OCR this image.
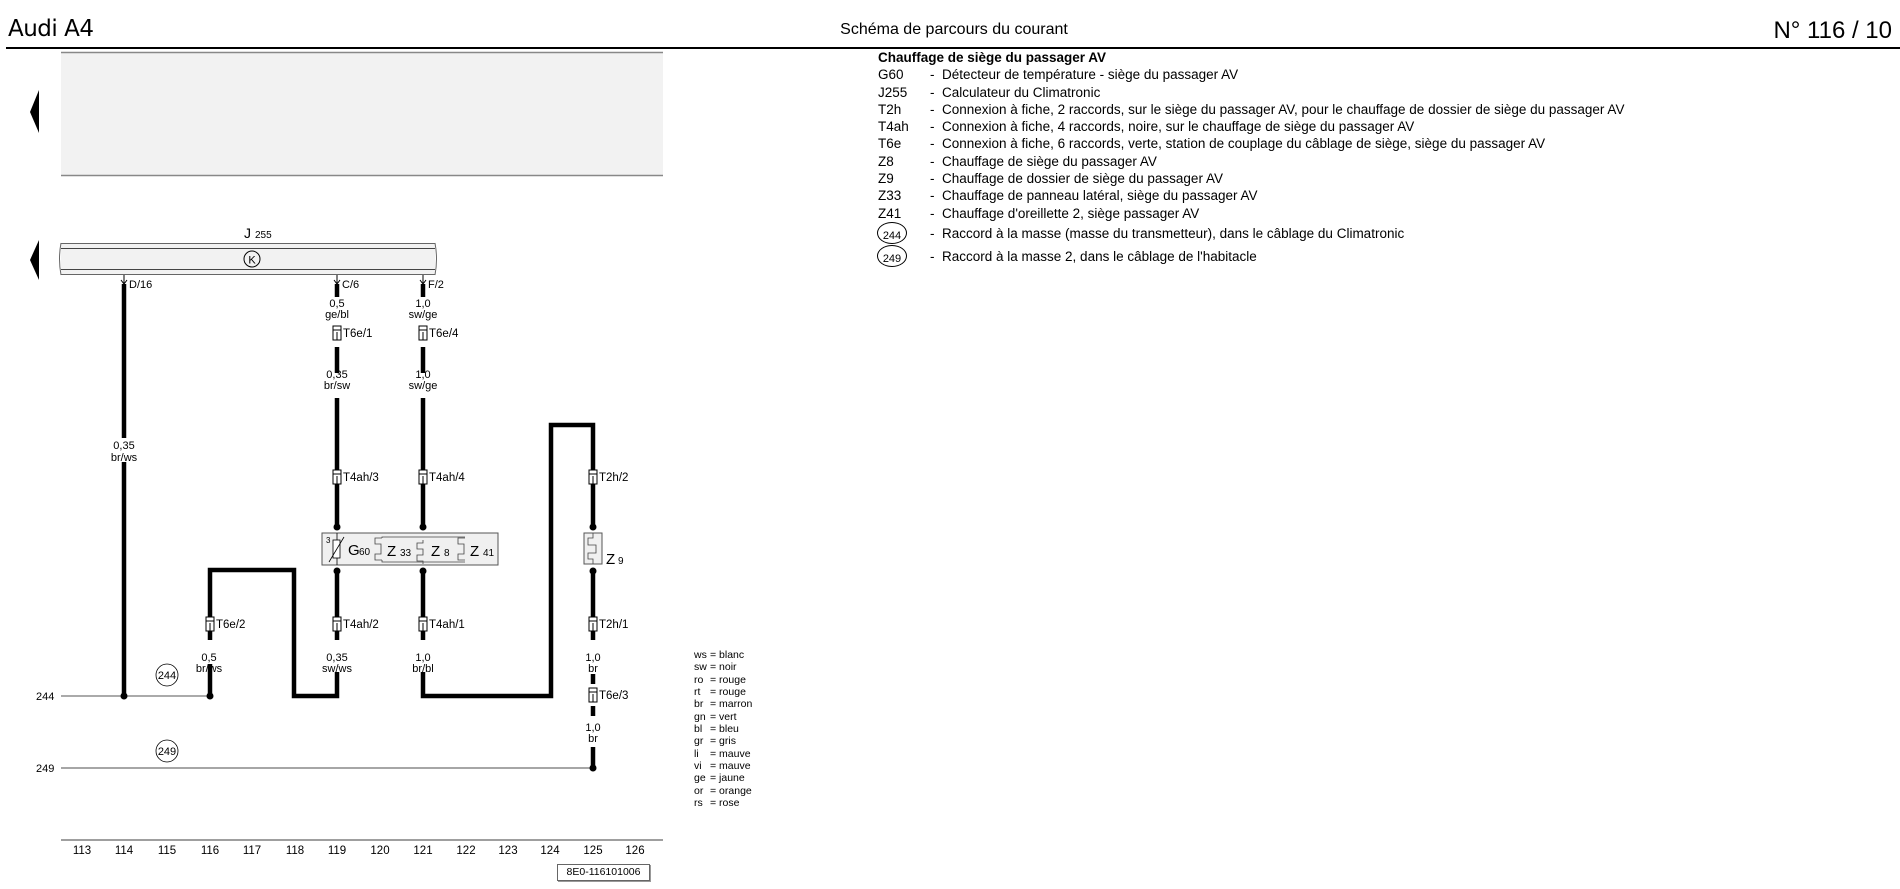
Audi A4	Schéma de parcours du courant	N° 116 / 10
K
J 255
D/16	C/6	F/2
244
249
244
249
0,35
br/ws
0,5
ge/bl
1,0
sw/ge
0,35
br/sw
1,0
sw/ge
0,5
br/ws
0,35
sw/ws
1,0
br/bl
1,0
br
1,0
br
T6e/1	T6e/4
T4ah/3	T4ah/4	T2h/2
T6e/2	T4ah/2	T4ah/1	T2h/1
T6e/3
3
G 60 Z 33 Z 8 Z 41	Z 9
113	114	115	116	117	118	119	120	121	122	123	124	125	126
8E0-116101006
ws = blanc
sw = noir
ro = rouge
rt = rouge
br = marron
gn = vert
bl = bleu
gr = gris
li	= mauve
vi = mauve
ge = jaune
or = orange
rs = rose
Chauffage de siège du passager AV
G60	- Détecteur de température - siège du passager AV
J255	- Calculateur du Climatronic
T2h	- Connexion à fiche, 2 raccords, sur le siège du passager AV, pour le chauffage de dossier de siège du passager AV
T4ah	- Connexion à fiche, 4 raccords, noire, sur le chauffage de siège du passager AV
T6e	- Connexion à fiche, 6 raccords, verte, station de couplage du câblage de siège, siège du passager AV
Z8	- Chauffage de siège du passager AV
Z9	- Chauffage de dossier de siège du passager AV
Z33	- Chauffage de panneau latéral, siège du passager AV
Z41	- Chauffage d'oreillette 2, siège passager AV
244	- Raccord à la masse (masse du transmetteur), dans le câblage du Climatronic
249	- Raccord à la masse 2, dans le câblage de l'habitacle
